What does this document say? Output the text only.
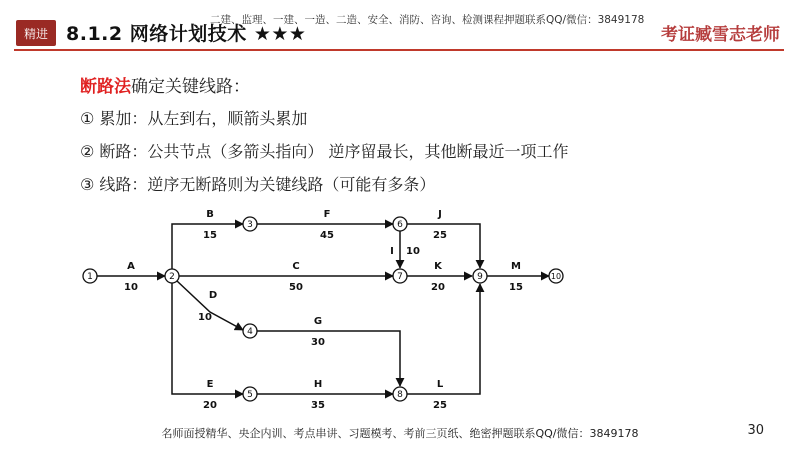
精进 8.1.2 网络计划技术 ★★★
二建、监理、一建、一造、二造、安全、消防、咨询、检测课程押题联系QQ/微信：3849178
考证臧雪志老师
断路法确定关键线路：
① 累加：从左到右，顺箭头累加
② 断路：公共节点（多箭头指向） 逆序留最长，其他断最近一项工作
③ 线路：逆序无断路则为关键线路（可能有多条）
1	2
3
4
5
6
7
8
9	10
A
10
B
15
C
50
D
10
E
20
F
45
G
30
H
35
I 10
J
25
K
20
L
25
M
15
名师面授精华、央企内训、考点串讲、习题模考、考前三页纸、绝密押题联系QQ/微信：3849178	30
